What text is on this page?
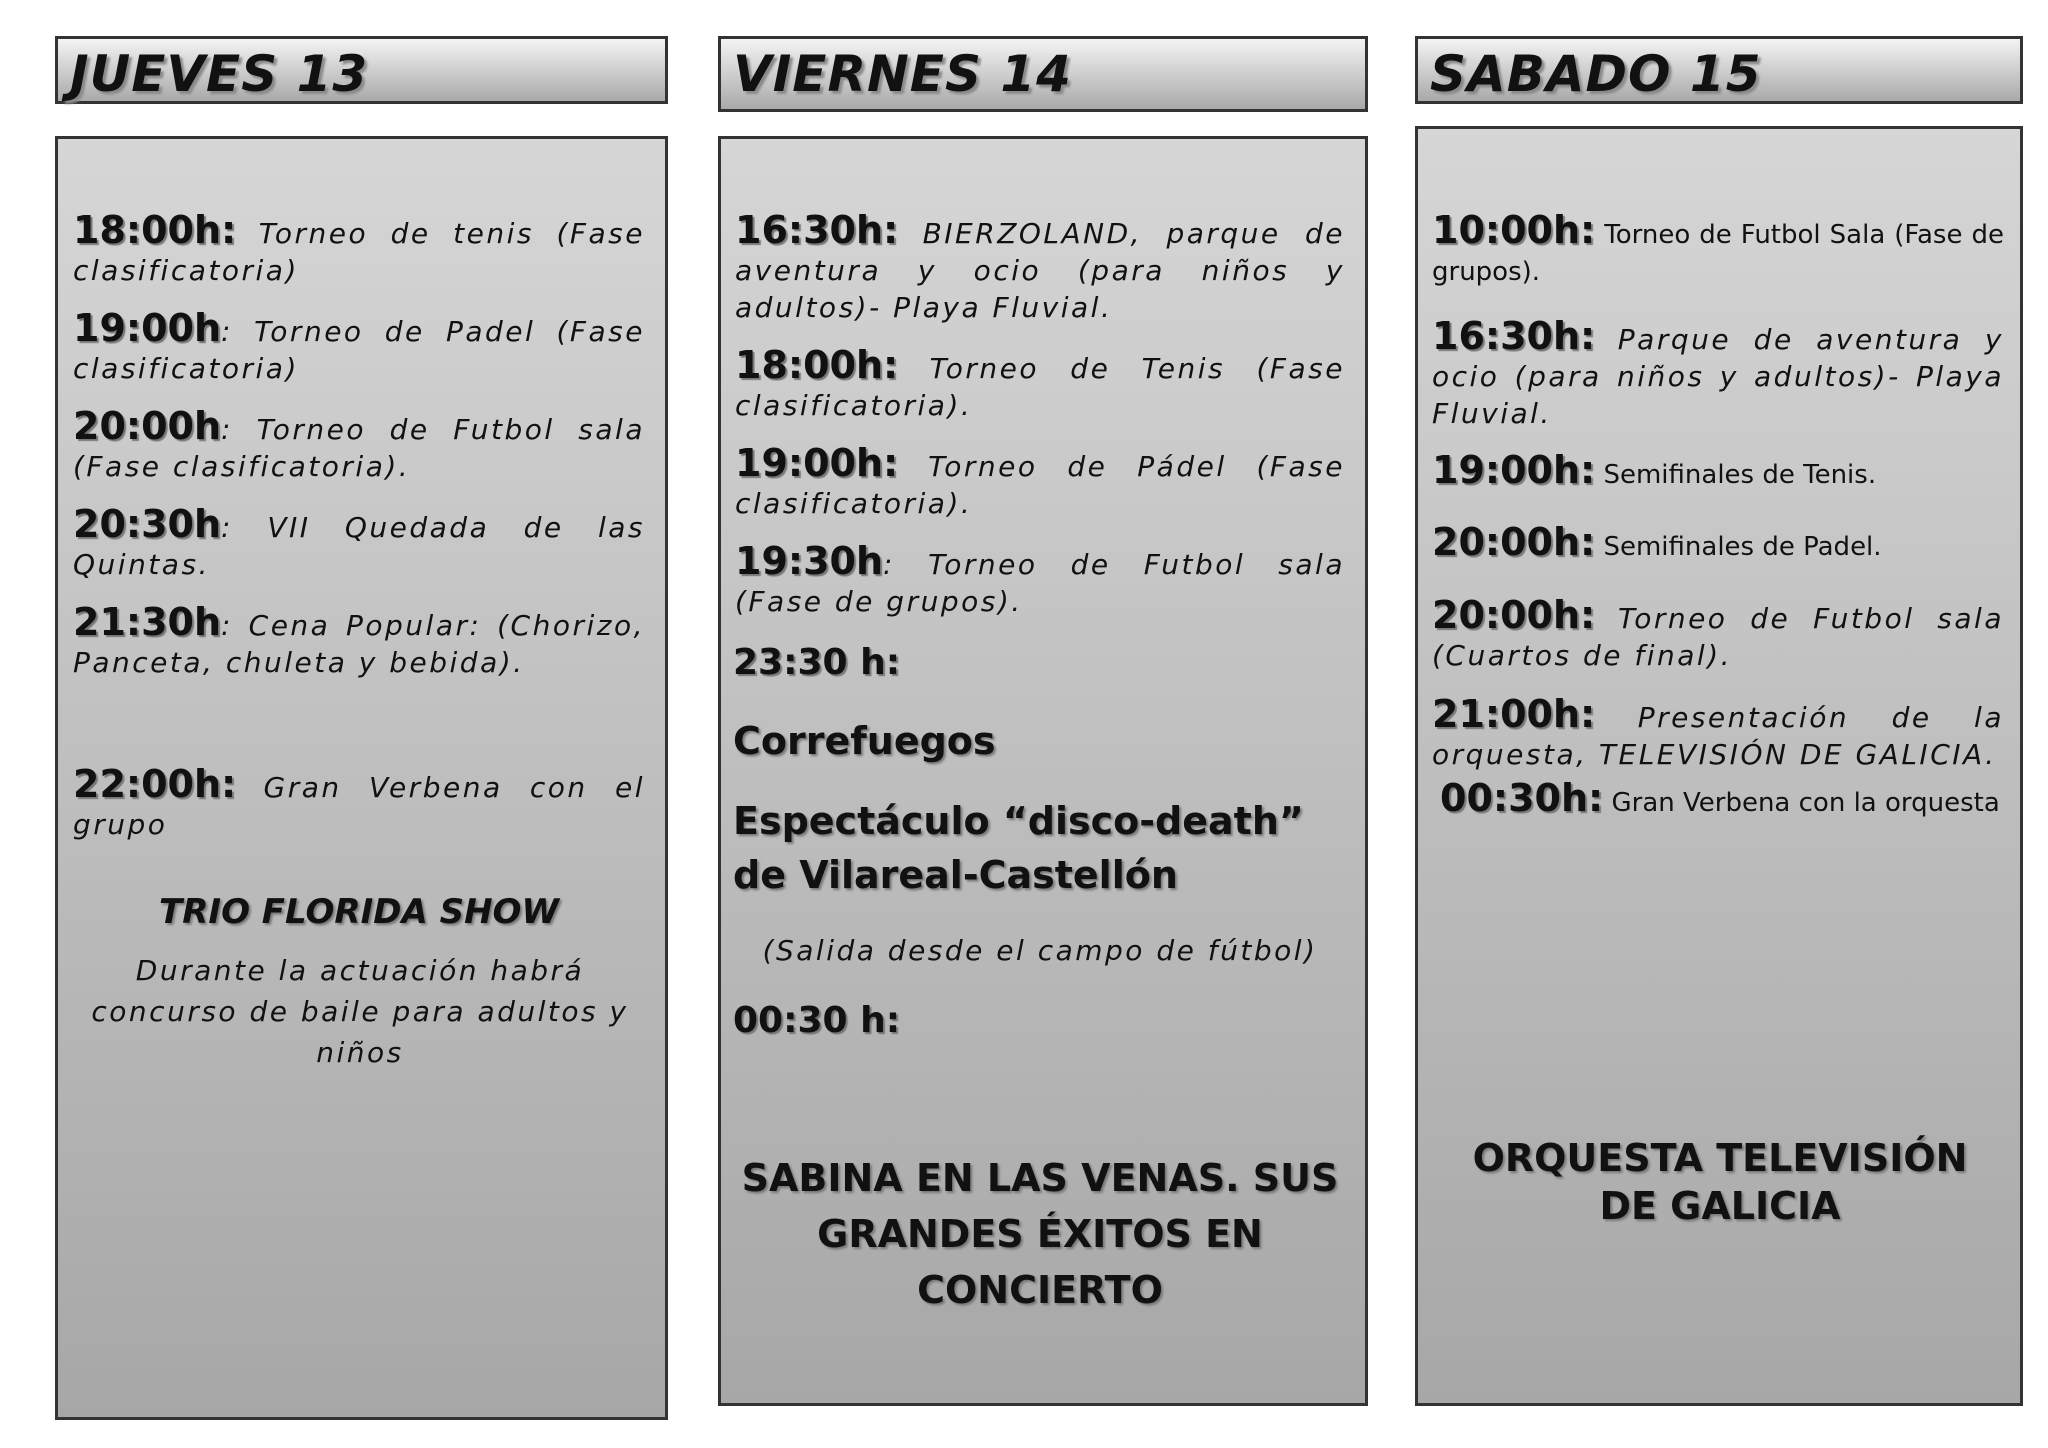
JUEVES 13	VIERNES 14	SABADO 15
18:00h: Torneo de tenis (Fase clasificatoria)
19:00h: Torneo de Padel (Fase clasificatoria)
20:00h: Torneo de Futbol sala (Fase clasificatoria).
20:30h: VII Quedada de las Quintas.
21:30h: Cena Popular: (Chorizo, Panceta, chuleta y bebida).
22:00h: Gran Verbena con el grupo
TRIO FLORIDA SHOW
Durante la actuación habrá concurso de baile para adultos y niños
16:30h: BIERZOLAND, parque de aventura y ocio (para niños y adultos)- Playa Fluvial.
18:00h: Torneo de Tenis (Fase clasificatoria).
19:00h: Torneo de Pádel (Fase clasificatoria).
19:30h: Torneo de Futbol sala (Fase de grupos).
23:30 h:
Correfuegos
Espectáculo “disco-death” de Vilareal-Castellón
(Salida desde el campo de fútbol)
00:30 h:
SABINA EN LAS VENAS. SUS GRANDES ÉXITOS EN CONCIERTO
10:00h: Torneo de Futbol Sala (Fase de grupos).
16:30h: Parque de aventura y ocio (para niños y adultos)- Playa Fluvial.
19:00h: Semifinales de Tenis.
20:00h: Semifinales de Padel.
20:00h: Torneo de Futbol sala (Cuartos de final).
21:00h: Presentación de la orquesta, TELEVISIÓN DE GALICIA.
00:30h: Gran Verbena con la orquesta
ORQUESTA TELEVISIÓN DE GALICIA
